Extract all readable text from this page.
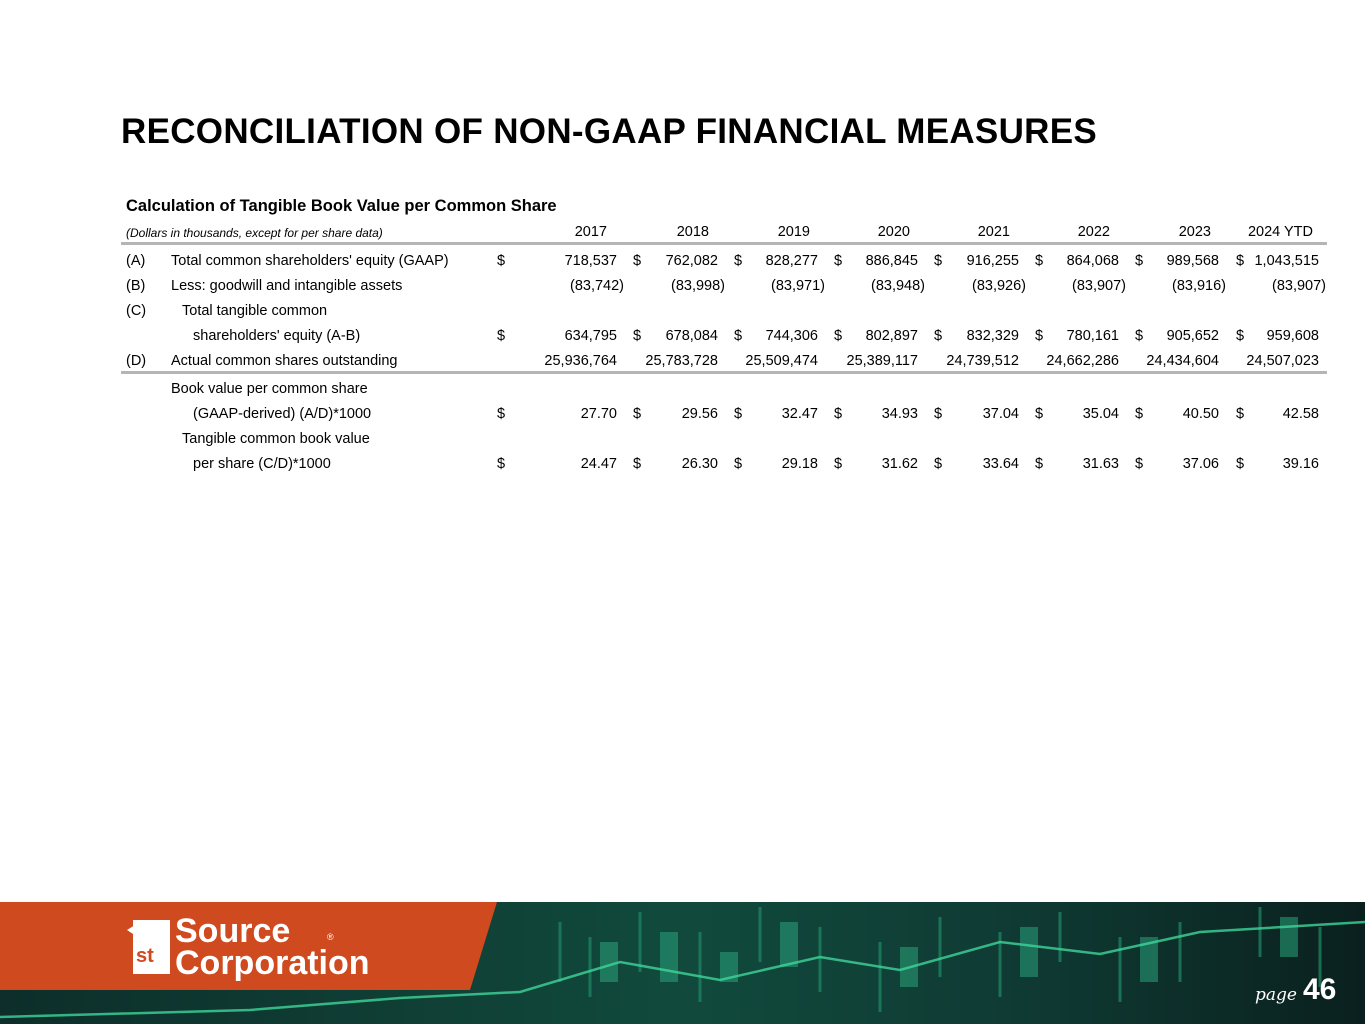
RECONCILIATION OF NON-GAAP FINANCIAL MEASURES
Calculation of Tangible Book Value per Common Share
(Dollars in thousands, except for per share data)	2017	2018	2019	2020	2021	2022	2023	2024 YTD
(A) Total common shareholders' equity (GAAP)	$	718,537 $ 762,082 $ 828,277 $ 886,845 $ 916,255 $ 864,068 $ 989,568 $ 1,043,515
(B) Less: goodwill and intangible assets	(83,742)	(83,998)	(83,971)	(83,948)	(83,926)	(83,907)	(83,916)	(83,907)
(C) Total tangible common
shareholders' equity (A-B)	$	634,795 $ 678,084 $ 744,306 $ 802,897 $ 832,329 $ 780,161 $ 905,652 $ 959,608
(D) Actual common shares outstanding	25,936,764 25,783,728 25,509,474 25,389,117 24,739,512 24,662,286 24,434,604 24,507,023
Book value per common share
(GAAP-derived) (A/D)*1000	$	27.70 $	29.56 $	32.47 $	34.93 $	37.04 $	35.04 $	40.50 $	42.58
Tangible common book value
per share (C/D)*1000	$	24.47 $	26.30 $	29.18 $	31.62 $	33.64 $	31.63 $	37.06 $	39.16
st
Source	®
Corporation
page 46
